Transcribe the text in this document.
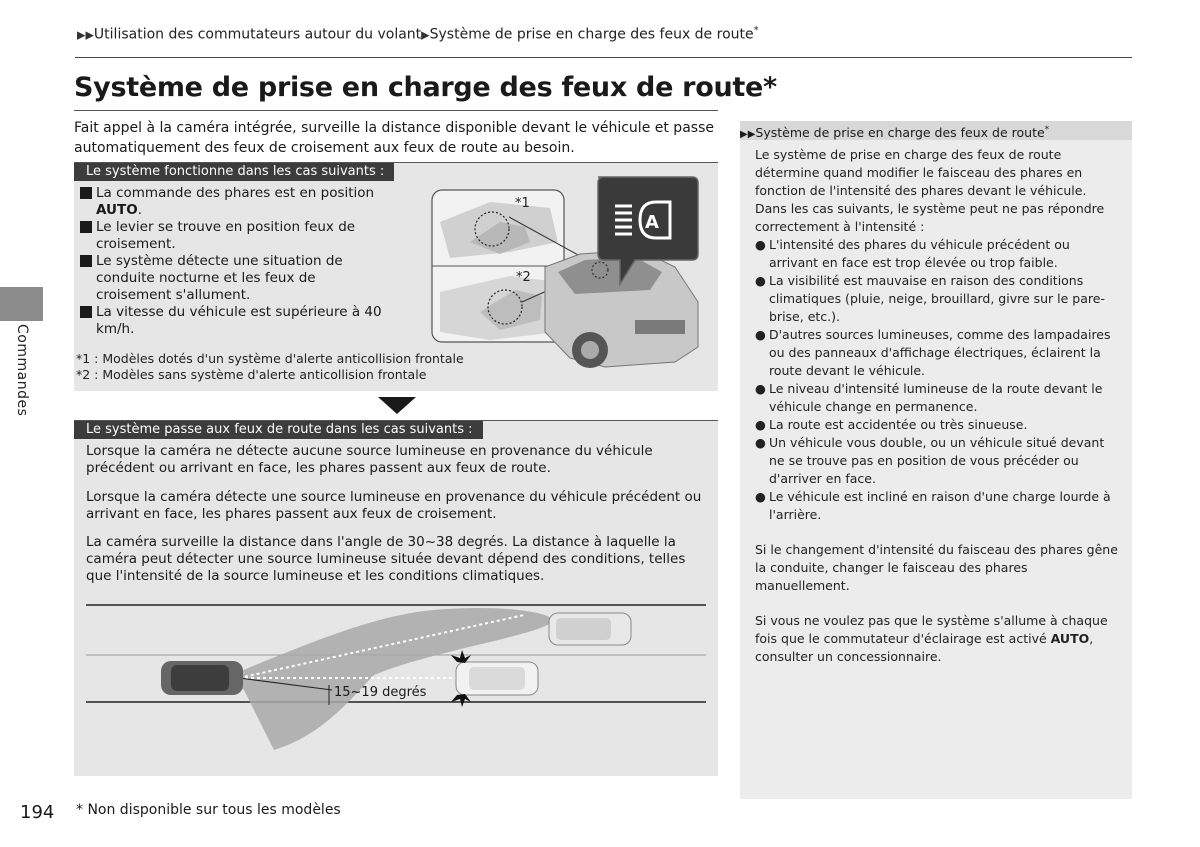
▶▶Utilisation des commutateurs autour du volant▶Système de prise en charge des feux de route*
Système de prise en charge des feux de route*
Fait appel à la caméra intégrée, surveille la distance disponible devant le véhicule et passe automatiquement des feux de croisement aux feux de route au besoin.
Le système fonctionne dans les cas suivants :
La commande des phares est en position AUTO.
Le levier se trouve en position feux de croisement.
Le système détecte une situation de conduite nocturne et les feux de croisement s'allument.
La vitesse du véhicule est supérieure à 40 km/h.
*1 : Modèles dotés d'un système d'alerte anticollision frontale
*2 : Modèles sans système d'alerte anticollision frontale
*1
*2
A
Le système passe aux feux de route dans les cas suivants :
Lorsque la caméra ne détecte aucune source lumineuse en provenance du véhicule précédent ou arrivant en face, les phares passent aux feux de route.
Lorsque la caméra détecte une source lumineuse en provenance du véhicule précédent ou arrivant en face, les phares passent aux feux de croisement.
La caméra surveille la distance dans l'angle de 30~38 degrés. La distance à laquelle la caméra peut détecter une source lumineuse située devant dépend des conditions, telles que l'intensité de la source lumineuse et les conditions climatiques.
15~19 degrés
▶▶Système de prise en charge des feux de route*

Le système de prise en charge des feux de route détermine quand modifier le faisceau des phares en fonction de l'intensité des phares devant le véhicule. Dans les cas suivants, le système peut ne pas répondre correctement à l'intensité :

● L'intensité des phares du véhicule précédent ou arrivant en face est trop élevée ou trop faible.
● La visibilité est mauvaise en raison des conditions climatiques (pluie, neige, brouillard, givre sur le pare-brise, etc.).
● D'autres sources lumineuses, comme des lampadaires ou des panneaux d'affichage électriques, éclairent la route devant le véhicule.
● Le niveau d'intensité lumineuse de la route devant le véhicule change en permanence.
● La route est accidentée ou très sinueuse.
● Un véhicule vous double, ou un véhicule situé devant ne se trouve pas en position de vous précéder ou d'arriver en face.
● Le véhicule est incliné en raison d'une charge lourde à l'arrière.

Si le changement d'intensité du faisceau des phares gêne la conduite, changer le faisceau des phares manuellement.

Si vous ne voulez pas que le système s'allume à chaque fois que le commutateur d'éclairage est activé AUTO, consulter un concessionnaire.

Commandes
194 * Non disponible sur tous les modèles
